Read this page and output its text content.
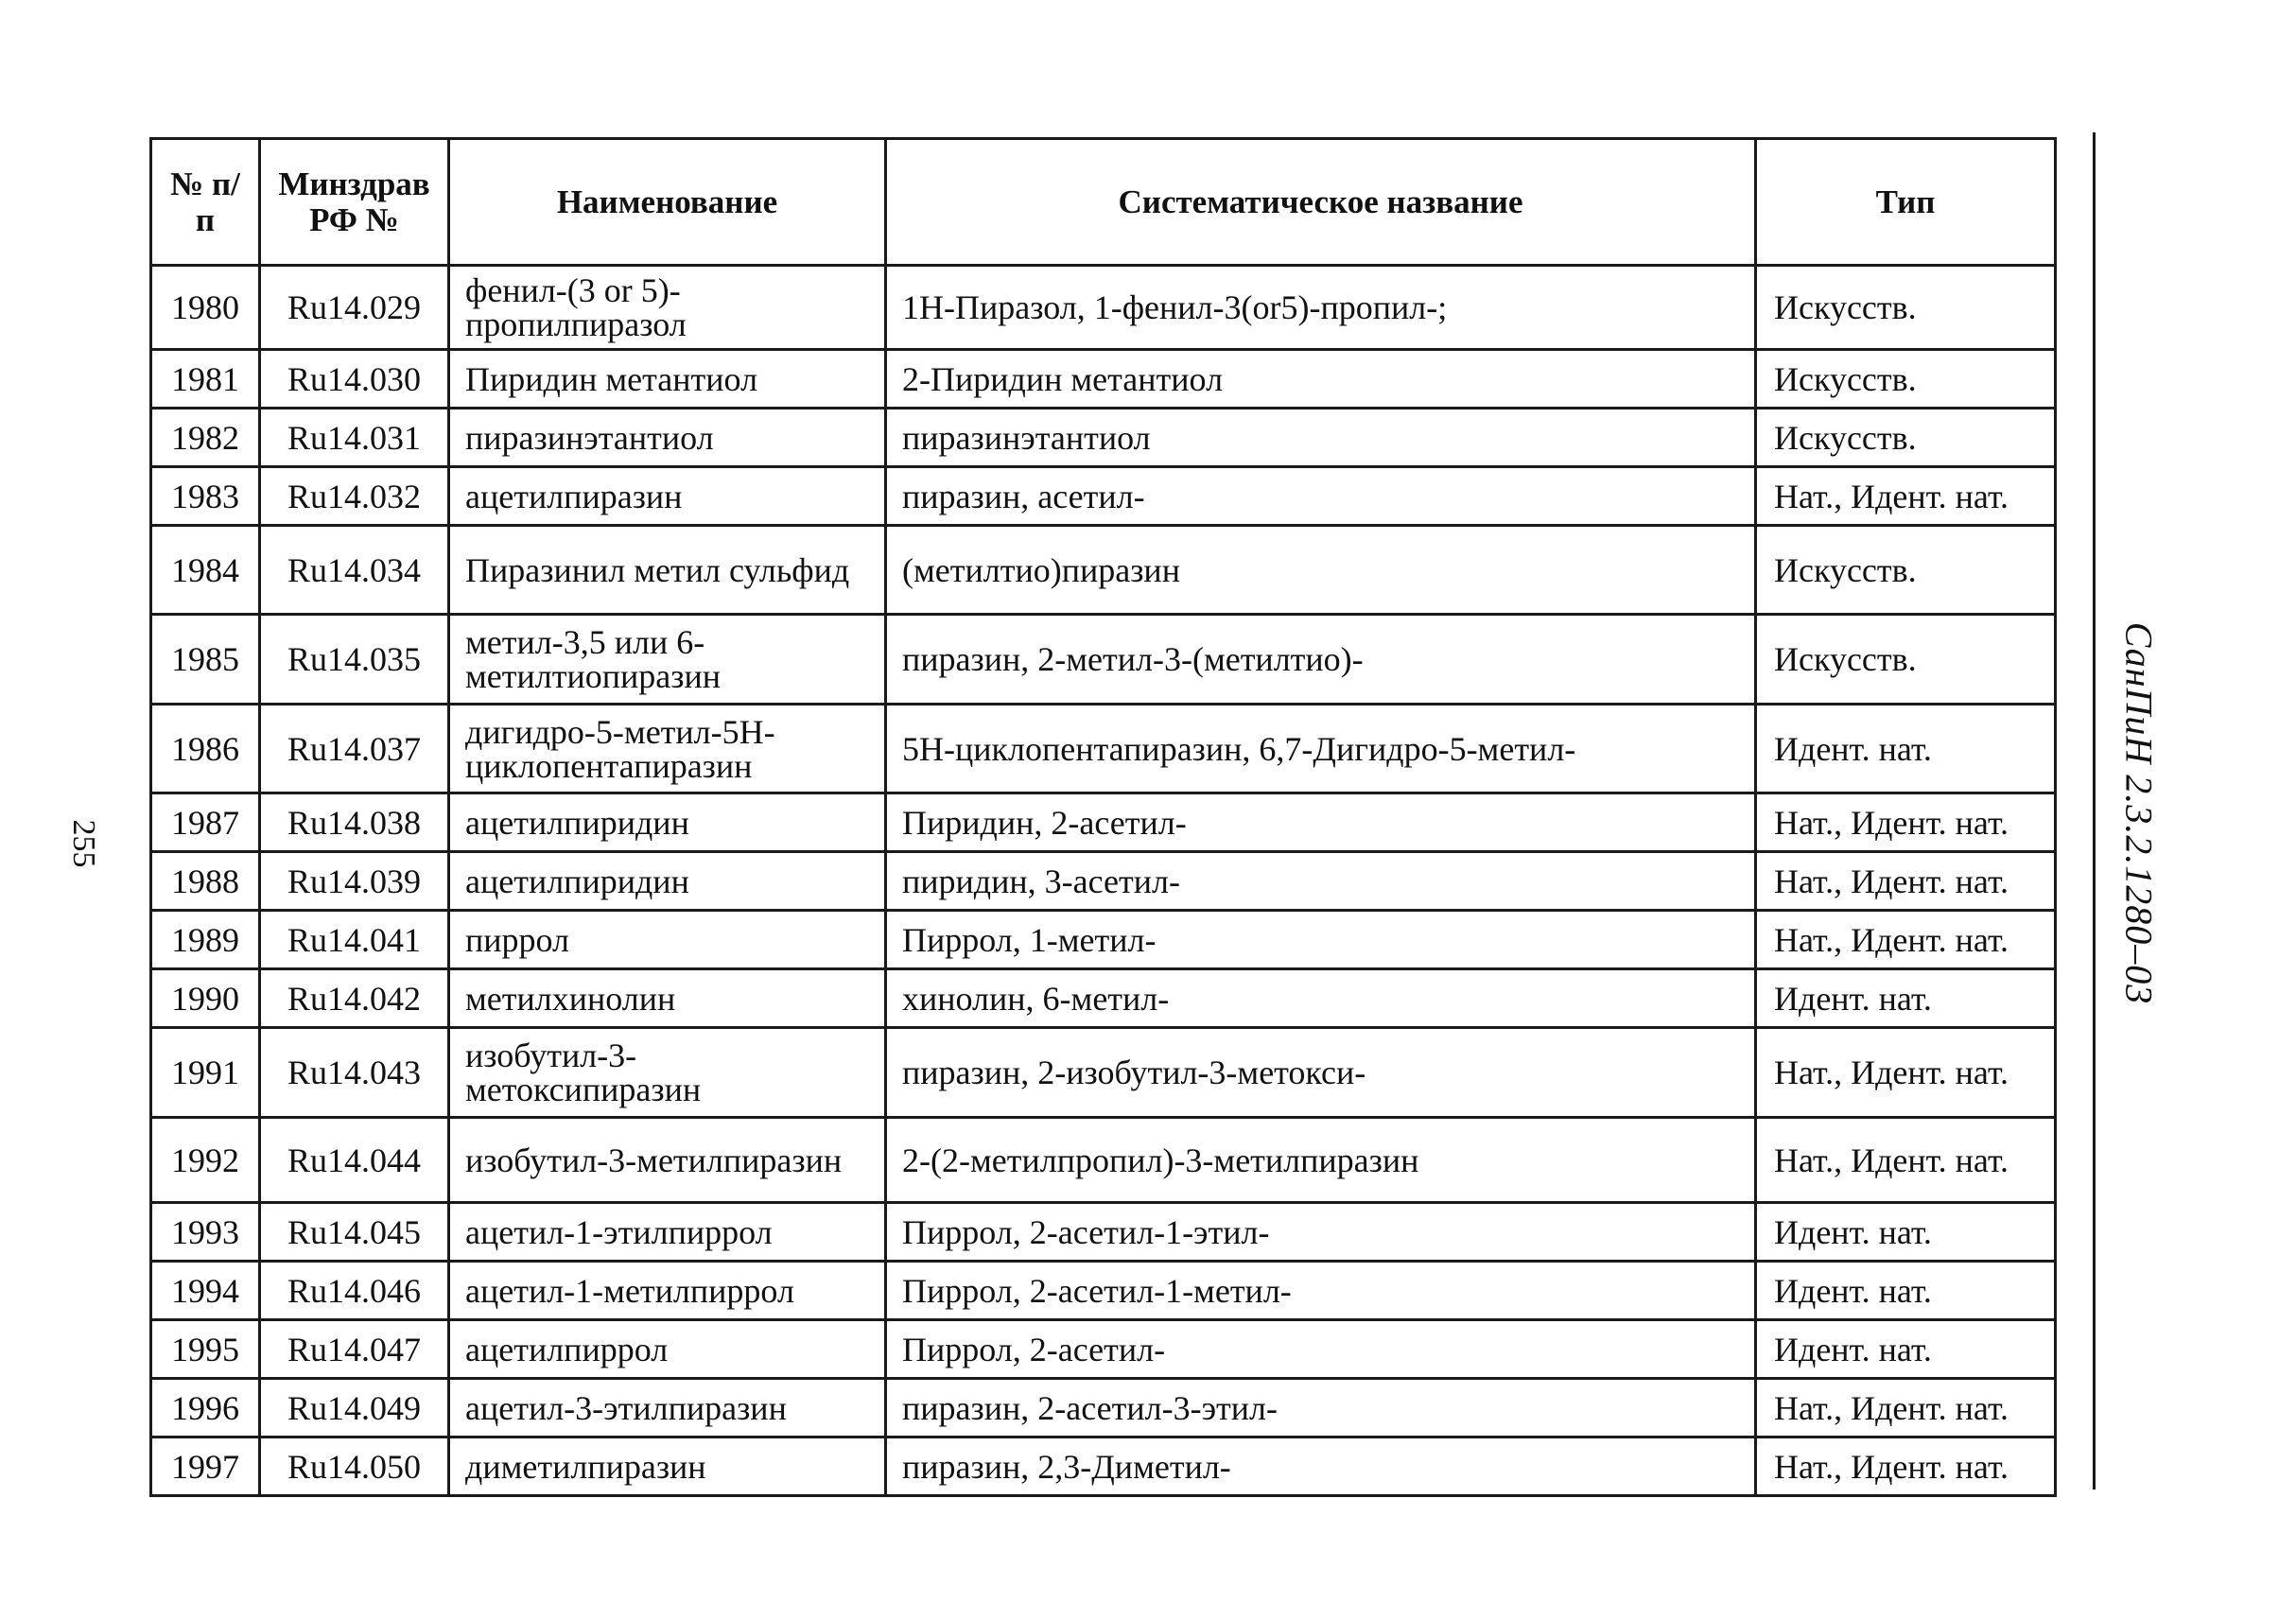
№ п/п	Минздрав РФ №	Наименование	Систематическое название	Тип
1980	Ru14.029	фенил-(3 or 5)-пропилпиразол	1Н-Пиразол, 1-фенил-3(or5)-пропил-;	Искусств.
1981	Ru14.030	Пиридин метантиол	2-Пиридин метантиол	Искусств.
1982	Ru14.031	пиразинэтантиол	пиразинэтантиол	Искусств.
1983	Ru14.032	ацетилпиразин	пиразин, асетил-	Нат., Идент. нат.
1984	Ru14.034	Пиразинил метил сульфид	(метилтио)пиразин	Искусств.
1985	Ru14.035	метил-3,5 или 6-метилтиопиразин	пиразин, 2-метил-3-(метилтио)-	Искусств.
1986	Ru14.037	дигидро-5-метил-5Н-циклопентапиразин	5Н-циклопентапиразин, 6,7-Дигидро-5-метил-	Идент. нат.
1987	Ru14.038	ацетилпиридин	Пиридин, 2-асетил-	Нат., Идент. нат.
1988	Ru14.039	ацетилпиридин	пиридин, 3-асетил-	Нат., Идент. нат.
1989	Ru14.041	пиррол	Пиррол, 1-метил-	Нат., Идент. нат.
1990	Ru14.042	метилхинолин	хинолин, 6-метил-	Идент. нат.
1991	Ru14.043	изобутил-3-метоксипиразин	пиразин, 2-изобутил-3-метокси-	Нат., Идент. нат.
1992	Ru14.044	изобутил-3-метилпиразин	2-(2-метилпропил)-3-метилпиразин	Нат., Идент. нат.
1993	Ru14.045	ацетил-1-этилпиррол	Пиррол, 2-асетил-1-этил-	Идент. нат.
1994	Ru14.046	ацетил-1-метилпиррол	Пиррол, 2-асетил-1-метил-	Идент. нат.
1995	Ru14.047	ацетилпиррол	Пиррол, 2-асетил-	Идент. нат.
1996	Ru14.049	ацетил-3-этилпиразин	пиразин, 2-асетил-3-этил-	Нат., Идент. нат.
1997	Ru14.050	диметилпиразин	пиразин, 2,3-Диметил-	Нат., Идент. нат.
СанПиН 2.3.2.1280–03
255
